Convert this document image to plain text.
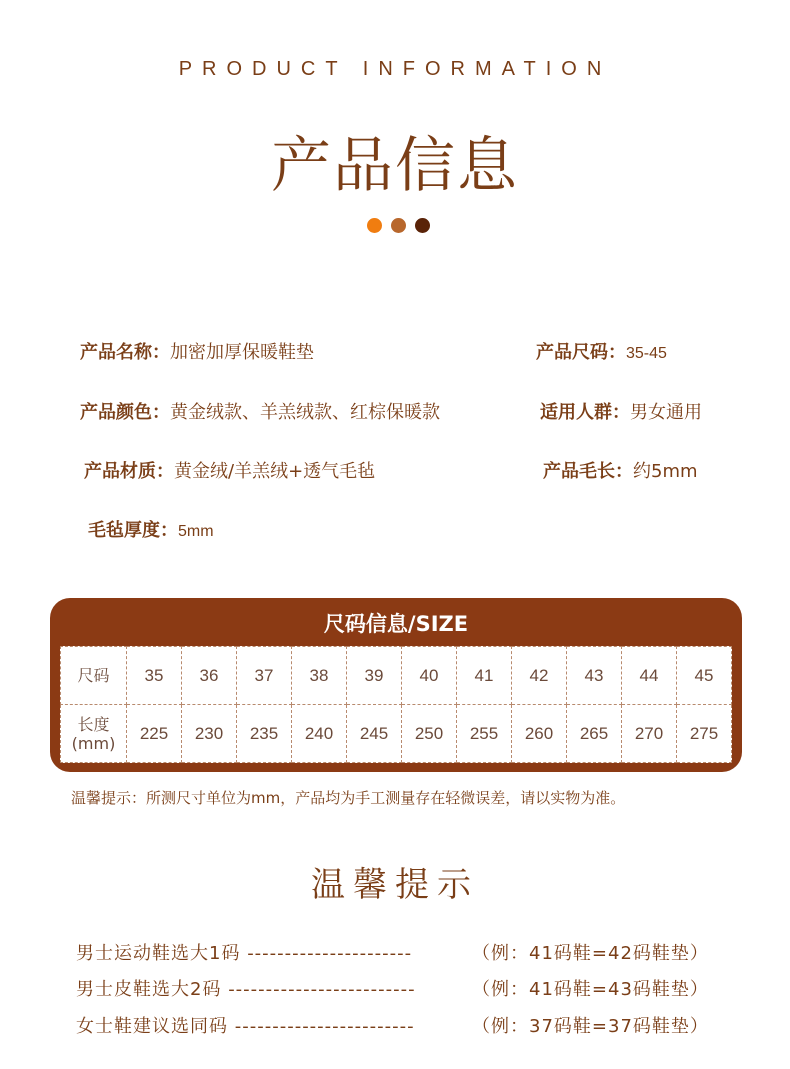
PRODUCT INFORMATION
产品信息
产品名称：加密加厚保暖鞋垫	产品尺码：35-45
产品颜色：黄金绒款、羊羔绒款、红棕保暖款	适用人群：男女通用
产品材质：黄金绒/羊羔绒+透气毛毡	产品毛长：约5mm
毛毡厚度：5mm
尺码信息/SIZE
尺码	35	36	37	38	39	40	41	42	43	44	45
长度
(mm)	225	230	235	240	245	250	255	260	265	270	275
温馨提示：所测尺寸单位为mm，产品均为手工测量存在轻微误差，请以实物为准。
温馨提示
男士运动鞋选大1码 ----------------------	（例：41码鞋=42码鞋垫）
男士皮鞋选大2码 -------------------------	（例：41码鞋=43码鞋垫）
女士鞋建议选同码 ------------------------	（例：37码鞋=37码鞋垫）
